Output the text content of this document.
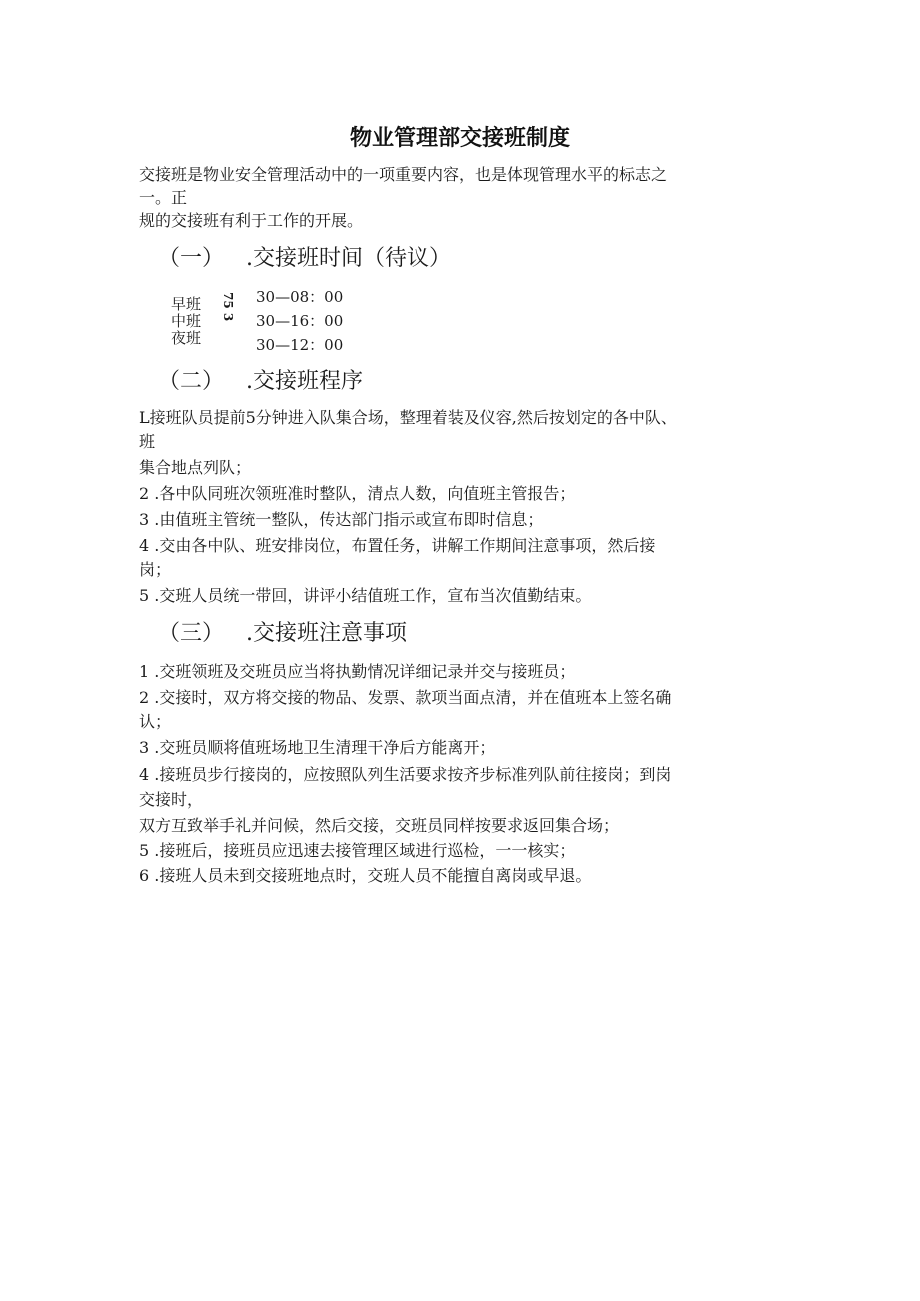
物业管理部交接班制度
交接班是物业安全管理活动中的一项重要内容，也是体现管理水平的标志之
一。正
规的交接班有利于工作的开展。
（一） .交接班时间（待议）
75 3
早班
中班
夜班
30—08：00
30—16：00
30—12：00
（二） .交接班程序
L接班队员提前5分钟进入队集合场，整理着装及仪容,然后按划定的各中队、
班
集合地点列队；
2 .各中队同班次领班准时整队，清点人数，向值班主管报告；
3 .由值班主管统一整队，传达部门指示或宣布即时信息；
4 .交由各中队、班安排岗位，布置任务，讲解工作期间注意事项，然后接
岗；
5 .交班人员统一带回，讲评小结值班工作，宣布当次值勤结束。
（三） .交接班注意事项
1 .交班领班及交班员应当将执勤情况详细记录并交与接班员；
2 .交接时，双方将交接的物品、发票、款项当面点清，并在值班本上签名确
认；
3 .交班员顺将值班场地卫生清理干净后方能离开；
4 .接班员步行接岗的，应按照队列生活要求按齐步标准列队前往接岗；到岗
交接时，
双方互致举手礼并问候，然后交接，交班员同样按要求返回集合场；
5 .接班后，接班员应迅速去接管理区域进行巡检，一一核实；
6 .接班人员未到交接班地点时，交班人员不能擅自离岗或早退。
